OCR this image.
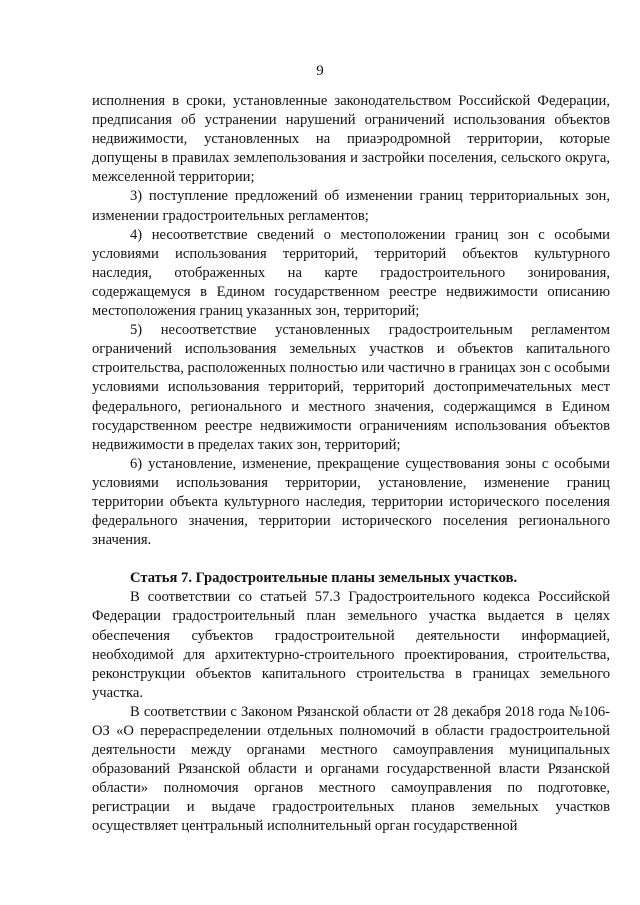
9

исполнения в сроки, установленные законодательством Российской Федерации, предписания об устранении нарушений ограничений использования объектов недвижимости, установленных на приаэродромной территории, которые допущены в правилах землепользования и застройки поселения, сельского округа, межселенной территории;

3) поступление предложений об изменении границ территориальных зон, изменении градостроительных регламентов;

4) несоответствие сведений о местоположении границ зон с особыми условиями использования территорий, территорий объектов культурного наследия, отображенных на карте градостроительного зонирования, содержащемуся в Едином государственном реестре недвижимости описанию местоположения границ указанных зон, территорий;

5) несоответствие установленных градостроительным регламентом ограничений использования земельных участков и объектов капитального строительства, расположенных полностью или частично в границах зон с особыми условиями использования территорий, территорий достопримечательных мест федерального, регионального и местного значения, содержащимся в Едином государственном реестре недвижимости ограничениям использования объектов недвижимости в пределах таких зон, территорий;

6) установление, изменение, прекращение существования зоны с особыми условиями использования территории, установление, изменение границ территории объекта культурного наследия, территории исторического поселения федерального значения, территории исторического поселения регионального значения.

Статья 7. Градостроительные планы земельных участков.

В соответствии со статьей 57.3 Градостроительного кодекса Российской Федерации градостроительный план земельного участка выдается в целях обеспечения субъектов градостроительной деятельности информацией, необходимой для архитектурно-строительного проектирования, строительства, реконструкции объектов капитального строительства в границах земельного участка.

В соответствии с Законом Рязанской области от 28 декабря 2018 года №106-ОЗ «О перераспределении отдельных полномочий в области градостроительной деятельности между органами местного самоуправления муниципальных образований Рязанской области и органами государственной власти Рязанской области» полномочия органов местного самоуправления по подготовке, регистрации и выдаче градостроительных планов земельных участков осуществляет центральный исполнительный орган государственной
